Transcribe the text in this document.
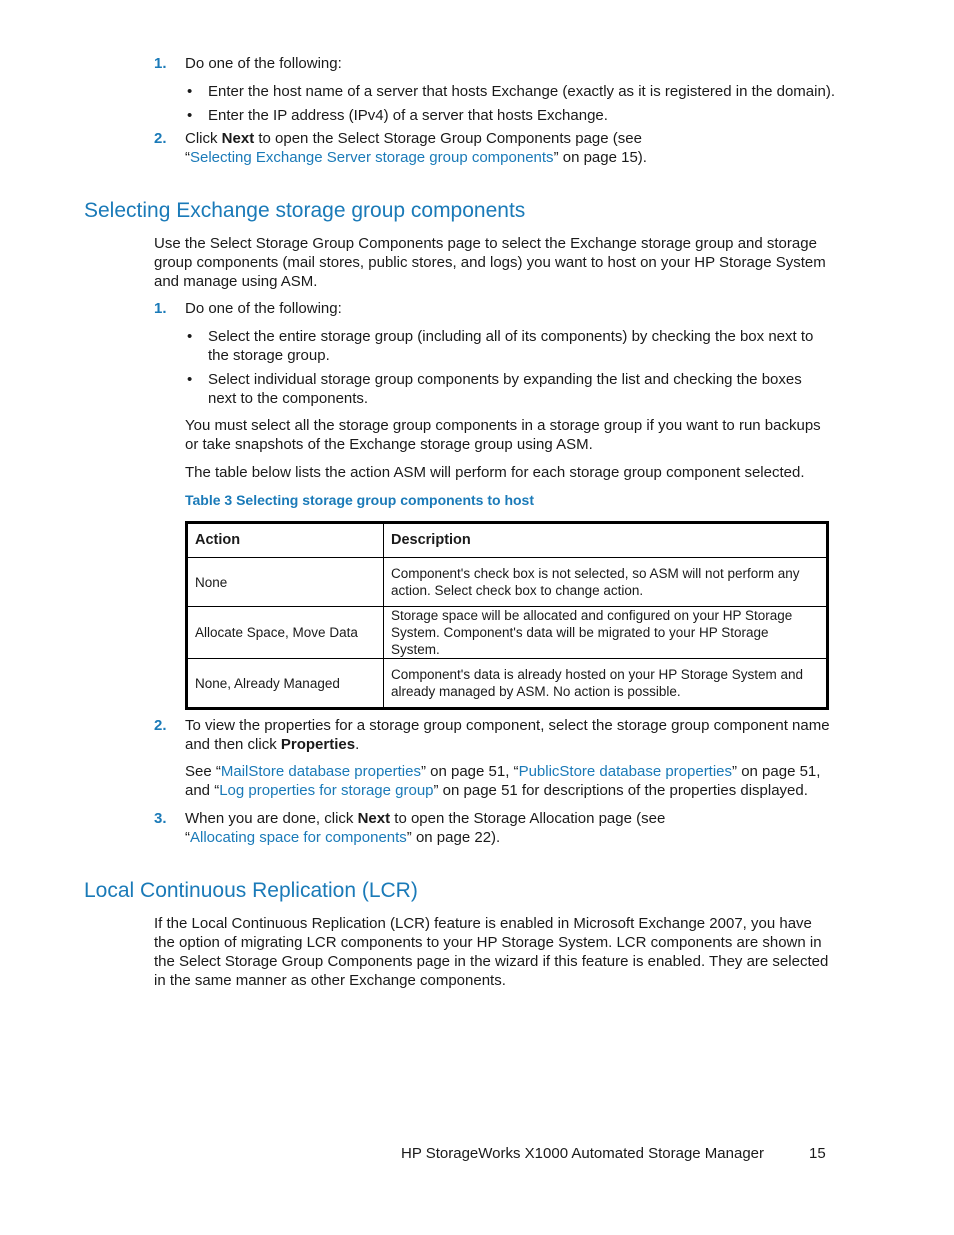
1. Do one of the following:

• Enter the host name of a server that hosts Exchange (exactly as it is registered in the domain).

• Enter the IP address (IPv4) of a server that hosts Exchange.

2. Click Next to open the Select Storage Group Components page (see
“Selecting Exchange Server storage group components” on page 15).

Selecting Exchange storage group components

Use the Select Storage Group Components page to select the Exchange storage group and storage group components (mail stores, public stores, and logs) you want to host on your HP Storage System and manage using ASM.

1. Do one of the following:

• Select the entire storage group (including all of its components) by checking the box next to the storage group.

• Select individual storage group components by expanding the list and checking the boxes next to the components.

You must select all the storage group components in a storage group if you want to run backups or take snapshots of the Exchange storage group using ASM.

The table below lists the action ASM will perform for each storage group component selected.

Table 3 Selecting storage group components to host

Action	Description
None	Component's check box is not selected, so ASM will not perform any action. Select check box to change action.
Allocate Space, Move Data	Storage space will be allocated and configured on your HP Storage System. Component's data will be migrated to your HP Storage System.
None, Already Managed	Component's data is already hosted on your HP Storage System and already managed by ASM. No action is possible.
2. To view the properties for a storage group component, select the storage group component name and then click Properties.

See “MailStore database properties” on page 51, “PublicStore database properties” on page 51, and “Log properties for storage group” on page 51 for descriptions of the properties displayed.

3. When you are done, click Next to open the Storage Allocation page (see
“Allocating space for components” on page 22).

Local Continuous Replication (LCR)

If the Local Continuous Replication (LCR) feature is enabled in Microsoft Exchange 2007, you have the option of migrating LCR components to your HP Storage System. LCR components are shown in the Select Storage Group Components page in the wizard if this feature is enabled. They are selected in the same manner as other Exchange components.

HP StorageWorks X1000 Automated Storage Manager	15
